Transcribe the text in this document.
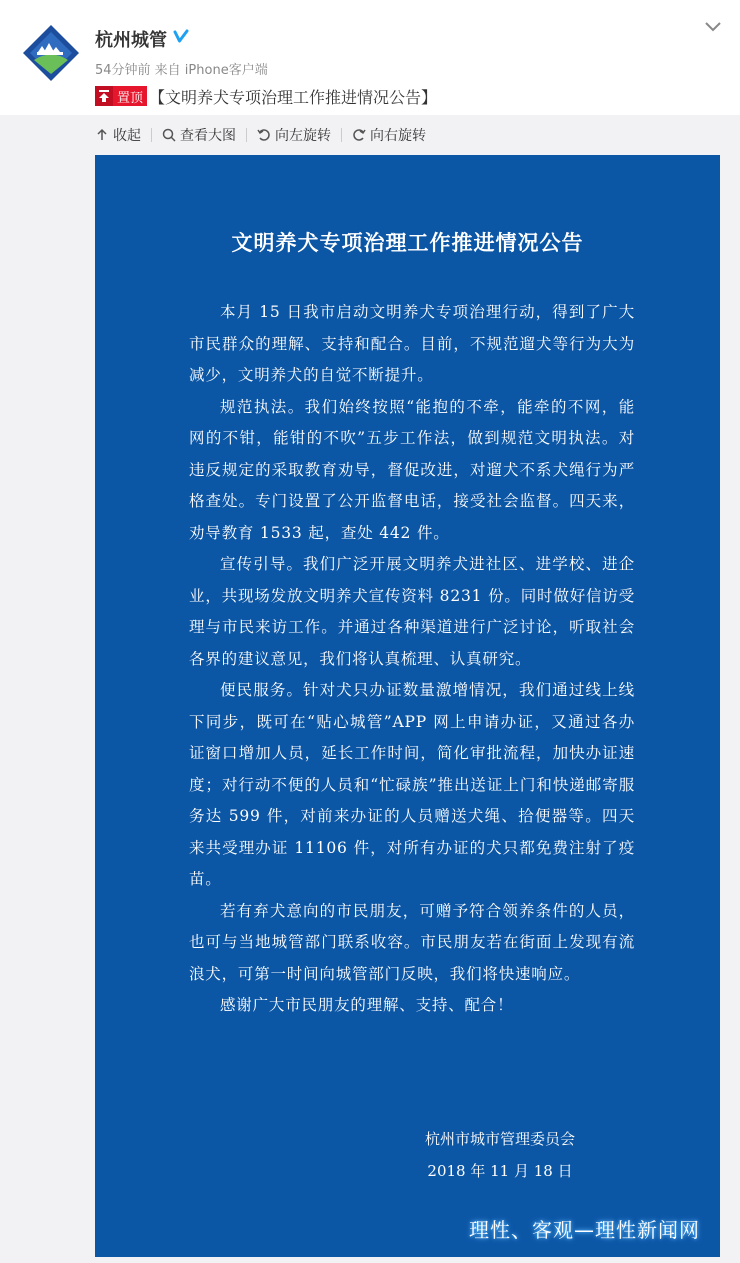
杭州城管
54分钟前 来自 iPhone客户端
置顶 【文明养犬专项治理工作推进情况公告】
收起	查看大图	向左旋转	向右旋转
文明养犬专项治理工作推进情况公告

本月 15 日我市启动文明养犬专项治理行动，得到了广大市民群众的理解、支持和配合。目前，不规范遛犬等行为大为减少，文明养犬的自觉不断提升。

规范执法。我们始终按照“能抱的不牵，能牵的不网，能网的不钳，能钳的不吹”五步工作法，做到规范文明执法。对违反规定的采取教育劝导，督促改进，对遛犬不系犬绳行为严格查处。专门设置了公开监督电话，接受社会监督。四天来，劝导教育 1533 起，查处 442 件。

宣传引导。我们广泛开展文明养犬进社区、进学校、进企业，共现场发放文明养犬宣传资料 8231 份。同时做好信访受理与市民来访工作。并通过各种渠道进行广泛讨论，听取社会各界的建议意见，我们将认真梳理、认真研究。

便民服务。针对犬只办证数量激增情况，我们通过线上线下同步，既可在“贴心城管”APP 网上申请办证，又通过各办证窗口增加人员，延长工作时间，简化审批流程，加快办证速度；对行动不便的人员和“忙碌族”推出送证上门和快递邮寄服务达 599 件，对前来办证的人员赠送犬绳、拾便器等。四天来共受理办证 11106 件，对所有办证的犬只都免费注射了疫苗。

若有弃犬意向的市民朋友，可赠予符合领养条件的人员，也可与当地城管部门联系收容。市民朋友若在街面上发现有流浪犬，可第一时间向城管部门反映，我们将快速响应。

感谢广大市民朋友的理解、支持、配合！

杭州市城市管理委员会
2018 年 11 月 18 日
理性、客观—理性新闻网
